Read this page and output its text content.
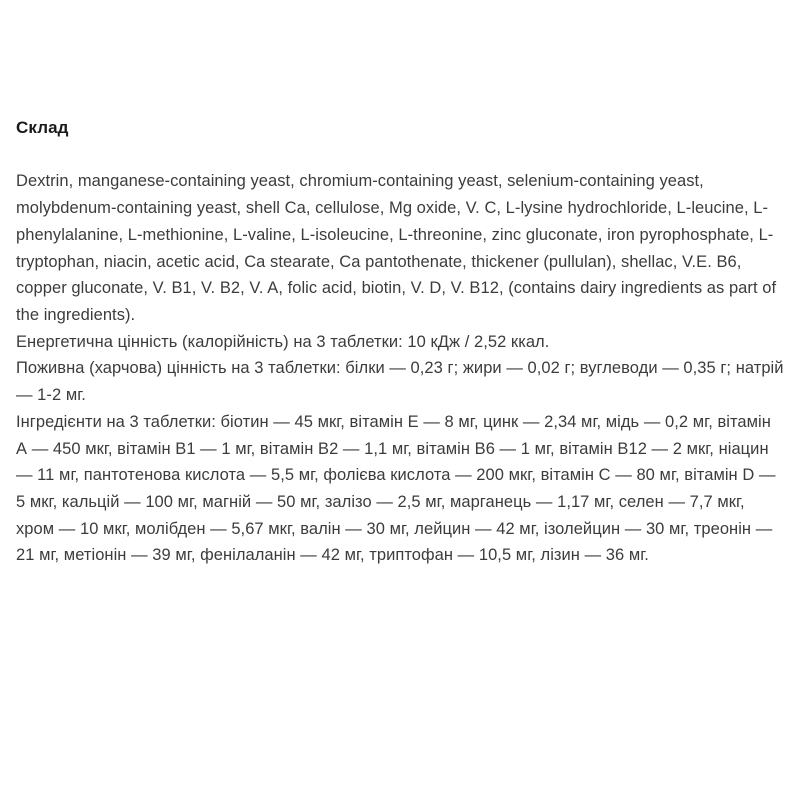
Склад

Dextrin, manganese-containing yeast, chromium-containing yeast, selenium-containing yeast, molybdenum-containing yeast, shell Ca, cellulose, Mg oxide, V. C, L-lysine hydrochloride, L-leucine, L-phenylalanine, L-methionine, L-valine, L-isoleucine, L-threonine, zinc gluconate, iron pyrophosphate, L-tryptophan, niacin, acetic acid, Ca stearate, Ca pantothenate, thickener (pullulan), shellac, V.E. B6, copper gluconate, V. B1, V. B2, V. A, folic acid, biotin, V. D, V. B12, (contains dairy ingredients as part of the ingredients).

Енергетична цінність (калорійність) на 3 таблетки: 10 кДж / 2,52 ккал.

Поживна (харчова) цінність на 3 таблетки: білки — 0,23 г; жири — 0,02 г; вуглеводи — 0,35 г; натрій — 1-2 мг.

Інгредієнти на 3 таблетки: біотин — 45 мкг, вітамін Е — 8 мг, цинк — 2,34 мг, мідь — 0,2 мг, вітамін А — 450 мкг, вітамін В1 — 1 мг, вітамін В2 — 1,1 мг, вітамін В6 — 1 мг, вітамін В12 — 2 мкг, ніацин — 11 мг, пантотенова кислота — 5,5 мг, фолієва кислота — 200 мкг, вітамін С — 80 мг, вітамін D — 5 мкг, кальцій — 100 мг, магній — 50 мг, залізо — 2,5 мг, марганець — 1,17 мг, селен — 7,7 мкг, хром — 10 мкг, молібден — 5,67 мкг, валін — 30 мг, лейцин — 42 мг, ізолейцин — 30 мг, треонін — 21 мг, метіонін — 39 мг, фенілаланін — 42 мг, триптофан — 10,5 мг, лізин — 36 мг.
